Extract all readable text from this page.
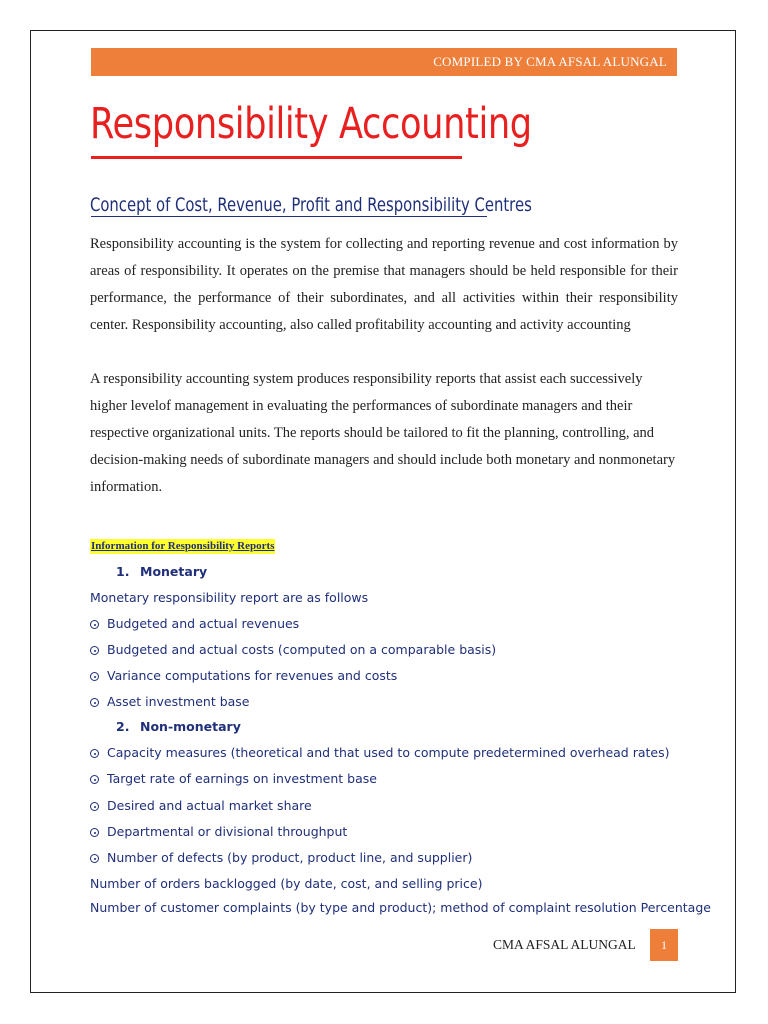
COMPILED BY CMA AFSAL ALUNGAL
Responsibility Accounting
Concept of Cost, Revenue, Profit and Responsibility Centres

Responsibility accounting is the system for collecting and reporting revenue and cost information by areas of responsibility. It operates on the premise that managers should be held responsible for their performance, the performance of their subordinates, and all activities within their responsibility center. Responsibility accounting, also called profitability accounting and activity accounting

A responsibility accounting system produces responsibility reports that assist each successively higher levelof management in evaluating the performances of subordinate managers and their respective organizational units. The reports should be tailored to fit the planning, controlling, and decision-making needs of subordinate managers and should include both monetary and nonmonetary information.

Information for Responsibility Reports

1. Monetary

Monetary responsibility report are as follows

Budgeted and actual revenues

Budgeted and actual costs (computed on a comparable basis)

Variance computations for revenues and costs

Asset investment base

2. Non-monetary

Capacity measures (theoretical and that used to compute predetermined overhead rates)

Target rate of earnings on investment base

Desired and actual market share

Departmental or divisional throughput

Number of defects (by product, product line, and supplier)

Number of orders backlogged (by date, cost, and selling price)

Number of customer complaints (by type and product); method of complaint resolution Percentage

CMA AFSAL ALUNGAL	1
